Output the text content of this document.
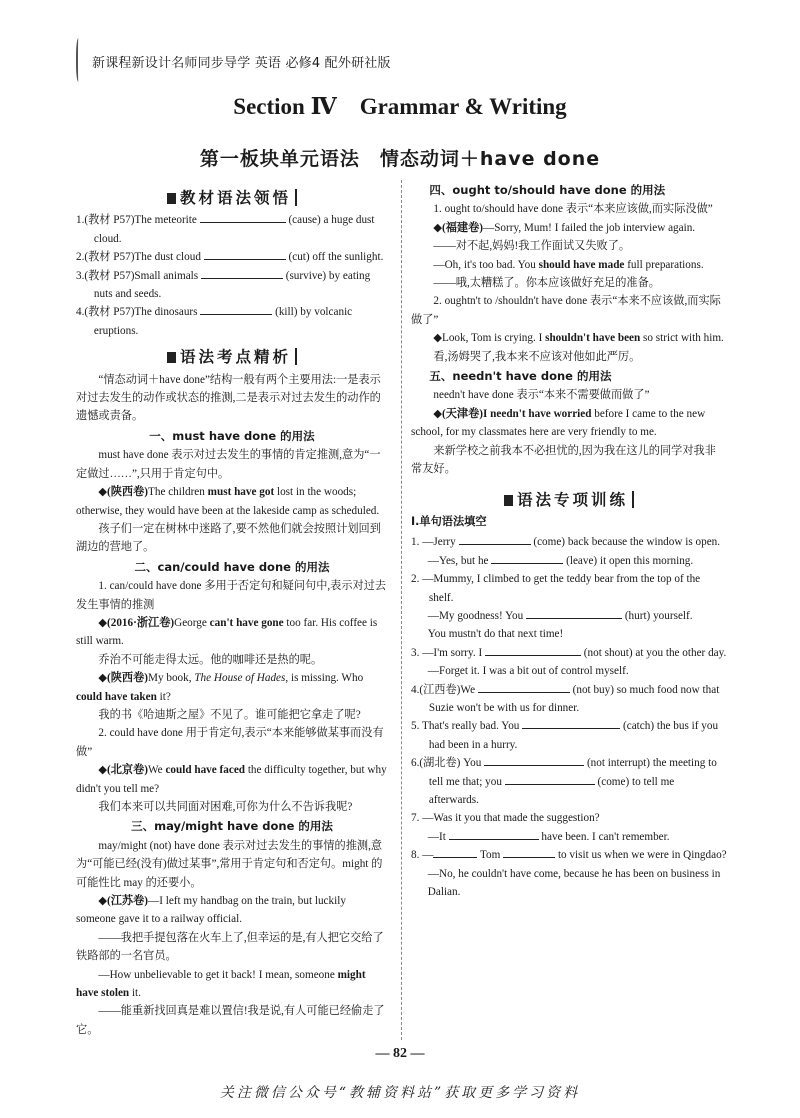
新课程新设计名师同步导学 英语 必修4 配外研社版
Section Ⅳ　Grammar & Writing
第一板块单元语法　情态动词＋have done
教材语法领悟

1.(教材 P57)The meteorite	(cause) a huge dust cloud.

2.(教材 P57)The dust cloud	(cut) off the sunlight.

3.(教材 P57)Small animals	(survive) by eating nuts and seeds.

4.(教材 P57)The dinosaurs	(kill) by volcanic eruptions.

语法考点精析

“情态动词＋have done”结构一般有两个主要用法:一是表示对过去发生的动作或状态的推测,二是表示对过去发生的动作的遗憾或责备。

一、must have done 的用法

must have done 表示对过去发生的事情的肯定推测,意为“一定做过……”,只用于肯定句中。

◆(陕西卷)The children must have got lost in the woods; otherwise, they would have been at the lakeside camp as scheduled.

孩子们一定在树林中迷路了,要不然他们就会按照计划回到湖边的营地了。

二、can/could have done 的用法

1. can/could have done 多用于否定句和疑问句中,表示对过去发生事情的推测

◆(2016·浙江卷)George can't have gone too far. His coffee is still warm.

乔治不可能走得太远。他的咖啡还是热的呢。

◆(陕西卷)My book, The House of Hades, is missing. Who could have taken it?

我的书《哈迪斯之屋》不见了。谁可能把它拿走了呢?

2. could have done 用于肯定句,表示“本来能够做某事而没有做”

◆(北京卷)We could have faced the difficulty together, but why didn't you tell me?

我们本来可以共同面对困难,可你为什么不告诉我呢?

三、may/might have done 的用法

may/might (not) have done 表示对过去发生的事情的推测,意为“可能已经(没有)做过某事”,常用于肯定句和否定句。might 的可能性比 may 的还要小。

◆(江苏卷)—I left my handbag on the train, but luckily someone gave it to a railway official.

——我把手提包落在火车上了,但幸运的是,有人把它交给了铁路部的一名官员。

—How unbelievable to get it back! I mean, someone might have stolen it.

——能重新找回真是难以置信!我是说,有人可能已经偷走了它。

四、ought to/should have done 的用法

1. ought to/should have done 表示“本来应该做,而实际没做”

◆(福建卷)—Sorry, Mum! I failed the job interview again.

——对不起,妈妈!我工作面试又失败了。

—Oh, it's too bad. You should have made full preparations.

——哦,太糟糕了。你本应该做好充足的准备。

2. oughtn't to /shouldn't have done 表示“本来不应该做,而实际做了”

◆Look, Tom is crying. I shouldn't have been so strict with him.

看,汤姆哭了,我本来不应该对他如此严厉。

五、needn't have done 的用法

needn't have done 表示“本来不需要做而做了”

◆(天津卷)I needn't have worried before I came to the new school, for my classmates here are very friendly to me.

来新学校之前我本不必担忧的,因为我在这儿的同学对我非常友好。

语法专项训练
Ⅰ.单句语法填空

1. —Jerry	(come) back because the window is open.

—Yes, but he	(leave) it open this morning.

2. —Mummy, I climbed to get the teddy bear from the top of the shelf.

—My goodness! You	(hurt) yourself.

You mustn't do that next time!

3. —I'm sorry. I	(not shout) at you the other day.

—Forget it. I was a bit out of control myself.

4.(江西卷)We	(not buy) so much food now that Suzie won't be with us for dinner.

5. That's really bad. You	(catch) the bus if you had been in a hurry.

6.(湖北卷) You	(not interrupt) the meeting to tell me that; you	(come) to tell me afterwards.

7. —Was it you that made the suggestion?

—It	have been. I can't remember.

8. —	Tom	to visit us when we were in Qingdao?

—No, he couldn't have come, because he has been on business in Dalian.

— 82 —
关注微信公众号“教辅资料站”获取更多学习资料
